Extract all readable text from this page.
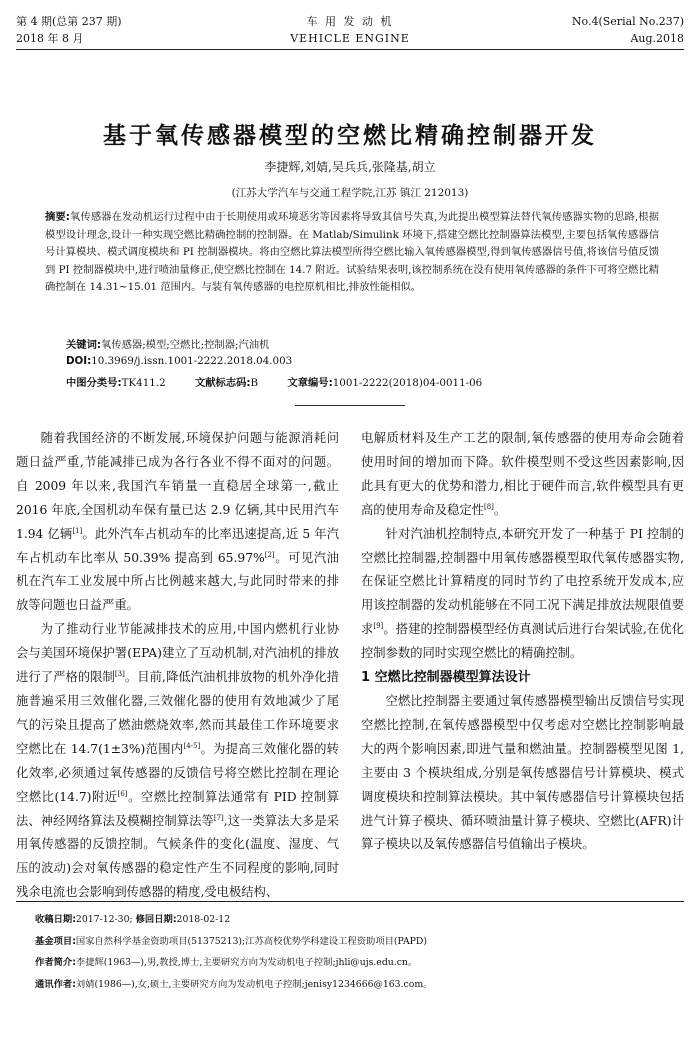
第 4 期(总第 237 期)
2018 年 8 月
车 用 发 动 机
VEHICLE ENGINE
No.4(Serial No.237)
Aug.2018
基于氧传感器模型的空燃比精确控制器开发
李捷辉,刘婧,吴兵兵,张隆基,胡立
(江苏大学汽车与交通工程学院,江苏 镇江 212013)
摘要:氧传感器在发动机运行过程中由于长期使用或环境恶劣等因素将导致其信号失真,为此提出模型算法替代氧传感器实物的思路,根据模型设计理念,设计一种实现空燃比精确控制的控制器。在 Matlab/Simulink 环境下,搭建空燃比控制器算法模型,主要包括氧传感器信号计算模块、模式调度模块和 PI 控制器模块。将由空燃比算法模型所得空燃比输入氧传感器模型,得到氧传感器信号值,将该信号值反馈到 PI 控制器模块中,进行喷油量修正,使空燃比控制在 14.7 附近。试验结果表明,该控制系统在没有使用氧传感器的条件下可将空燃比精确控制在 14.31~15.01 范围内。与装有氧传感器的电控原机相比,排放性能相似。
关键词:氧传感器;模型;空燃比;控制器;汽油机
DOI:10.3969/j.issn.1001-2222.2018.04.003
中图分类号:TK411.2	文献标志码:B	文章编号:1001-2222(2018)04-0011-06

随着我国经济的不断发展,环境保护问题与能源消耗问题日益严重,节能减排已成为各行各业不得不面对的问题。自 2009 年以来,我国汽车销量一直稳居全球第一,截止 2016 年底,全国机动车保有量已达 2.9 亿辆,其中民用汽车 1.94 亿辆[1]。此外汽车占机动车的比率迅速提高,近 5 年汽车占机动车比率从 50.39% 提高到 65.97%[2]。可见汽油机在汽车工业发展中所占比例越来越大,与此同时带来的排放等问题也日益严重。

为了推动行业节能减排技术的应用,中国内燃机行业协会与美国环境保护署(EPA)建立了互动机制,对汽油机的排放进行了严格的限制[3]。目前,降低汽油机排放物的机外净化措施普遍采用三效催化器,三效催化器的使用有效地减少了尾气的污染且提高了燃油燃烧效率,然而其最佳工作环境要求空燃比在 14.7(1±3%)范围内[4-5]。为提高三效催化器的转化效率,必须通过氧传感器的反馈信号将空燃比控制在理论空燃比(14.7)附近[6]。空燃比控制算法通常有 PID 控制算法、神经网络算法及模糊控制算法等[7],这一类算法大多是采用氧传感器的反馈控制。气候条件的变化(温度、湿度、气压的波动)会对氧传感器的稳定性产生不同程度的影响,同时残余电流也会影响到传感器的精度,受电极结构、

电解质材料及生产工艺的限制,氧传感器的使用寿命会随着使用时间的增加而下降。软件模型则不受这些因素影响,因此具有更大的优势和潜力,相比于硬件而言,软件模型具有更高的使用寿命及稳定性[8]。

针对汽油机控制特点,本研究开发了一种基于 PI 控制的空燃比控制器,控制器中用氧传感器模型取代氧传感器实物,在保证空燃比计算精度的同时节约了电控系统开发成本,应用该控制器的发动机能够在不同工况下满足排放法规限值要求[9]。搭建的控制器模型经仿真测试后进行台架试验,在优化控制参数的同时实现空燃比的精确控制。

1 空燃比控制器模型算法设计

空燃比控制器主要通过氧传感器模型输出反馈信号实现空燃比控制,在氧传感器模型中仅考虑对空燃比控制影响最大的两个影响因素,即进气量和燃油量。控制器模型见图 1,主要由 3 个模块组成,分别是氧传感器信号计算模块、模式调度模块和控制算法模块。其中氧传感器信号计算模块包括进气计算子模块、循环喷油量计算子模块、空燃比(AFR)计算子模块以及氧传感器信号值输出子模块。

收稿日期:2017-12-30; 修回日期:2018-02-12
基金项目:国家自然科学基金资助项目(51375213);江苏高校优势学科建设工程资助项目(PAPD)
作者简介:李捷辉(1963—),男,教授,博士,主要研究方向为发动机电子控制;jhli@ujs.edu.cn。
通讯作者:刘婧(1986—),女,硕士,主要研究方向为发动机电子控制;jenisy1234666@163.com。
